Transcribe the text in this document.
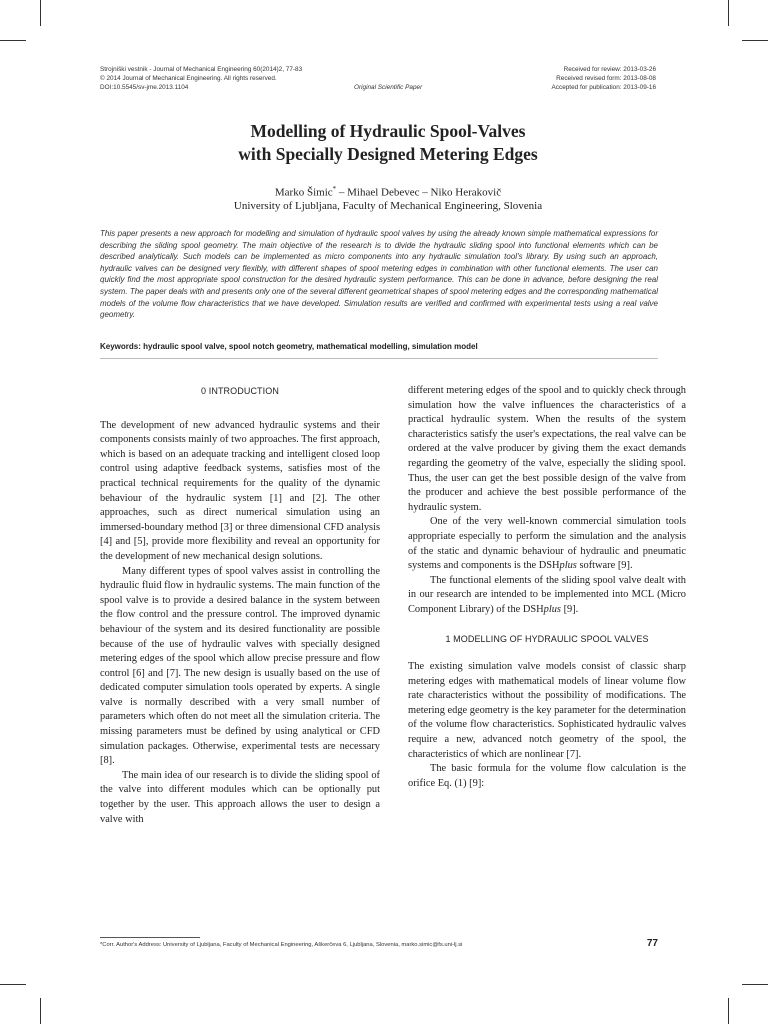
Strojniški vestnik - Journal of Mechanical Engineering 60(2014)2, 77-83
© 2014 Journal of Mechanical Engineering. All rights reserved.
DOI:10.5545/sv-jme.2013.1104	Original Scientific Paper
Received for review: 2013-03-26
Received revised form: 2013-08-08
Accepted for publication: 2013-09-16
Modelling of Hydraulic Spool-Valves
with Specially Designed Metering Edges
Marko Šimic* – Mihael Debevec – Niko Herakovič
University of Ljubljana, Faculty of Mechanical Engineering, Slovenia
This paper presents a new approach for modelling and simulation of hydraulic spool valves by using the already known simple mathematical expressions for describing the sliding spool geometry. The main objective of the research is to divide the hydraulic sliding spool into functional elements which can be described analytically. Such models can be implemented as micro components into any hydraulic simulation tool's library. By using such an approach, hydraulic valves can be designed very flexibly, with different shapes of spool metering edges in combination with other functional elements. The user can quickly find the most appropriate spool construction for the desired hydraulic system performance. This can be done in advance, before designing the real system. The paper deals with and presents only one of the several different geometrical shapes of spool metering edges and the corresponding mathematical models of the volume flow characteristics that we have developed. Simulation results are verified and confirmed with experimental tests using a real valve geometry.
Keywords: hydraulic spool valve, spool notch geometry, mathematical modelling, simulation model
0 INTRODUCTION

The development of new advanced hydraulic systems and their components consists mainly of two approaches. The first approach, which is based on an adequate tracking and intelligent closed loop control using adaptive feedback systems, satisfies most of the practical technical requirements for the quality of the dynamic behaviour of the hydraulic system [1] and [2]. The other approaches, such as direct numerical simulation using an immersed-boundary method [3] or three dimensional CFD analysis [4] and [5], provide more flexibility and reveal an opportunity for the development of new mechanical design solutions.

Many different types of spool valves assist in controlling the hydraulic fluid flow in hydraulic systems. The main function of the spool valve is to provide a desired balance in the system between the flow control and the pressure control. The improved dynamic behaviour of the system and its desired functionality are possible because of the use of hydraulic valves with specially designed metering edges of the spool which allow precise pressure and flow control [6] and [7]. The new design is usually based on the use of dedicated computer simulation tools operated by experts. A single valve is normally described with a very small number of parameters which often do not meet all the simulation criteria. The missing parameters must be defined by using analytical or CFD simulation packages. Otherwise, experimental tests are necessary [8].

The main idea of our research is to divide the sliding spool of the valve into different modules which can be optionally put together by the user. This approach allows the user to design a valve with

different metering edges of the spool and to quickly check through simulation how the valve influences the characteristics of a practical hydraulic system. When the results of the system characteristics satisfy the user's expectations, the real valve can be ordered at the valve producer by giving them the exact demands regarding the geometry of the valve, especially the sliding spool. Thus, the user can get the best possible design of the valve from the producer and achieve the best possible performance of the hydraulic system.

One of the very well-known commercial simulation tools appropriate especially to perform the simulation and the analysis of the static and dynamic behaviour of hydraulic and pneumatic systems and components is the DSHplus software [9].

The functional elements of the sliding spool valve dealt with in our research are intended to be implemented into MCL (Micro Component Library) of the DSHplus [9].

1 MODELLING OF HYDRAULIC SPOOL VALVES

The existing simulation valve models consist of classic sharp metering edges with mathematical models of linear volume flow rate characteristics without the possibility of modifications. The metering edge geometry is the key parameter for the determination of the volume flow characteristics. Sophisticated hydraulic valves require a new, advanced notch geometry of the spool, the characteristics of which are nonlinear [7].

The basic formula for the volume flow calculation is the orifice Eq. (1) [9]:

*Corr. Author's Address: University of Ljubljana, Faculty of Mechanical Engineering, Aškerčeva 6, Ljubljana, Slovenia, marko.simic@fs.uni-lj.si	77
